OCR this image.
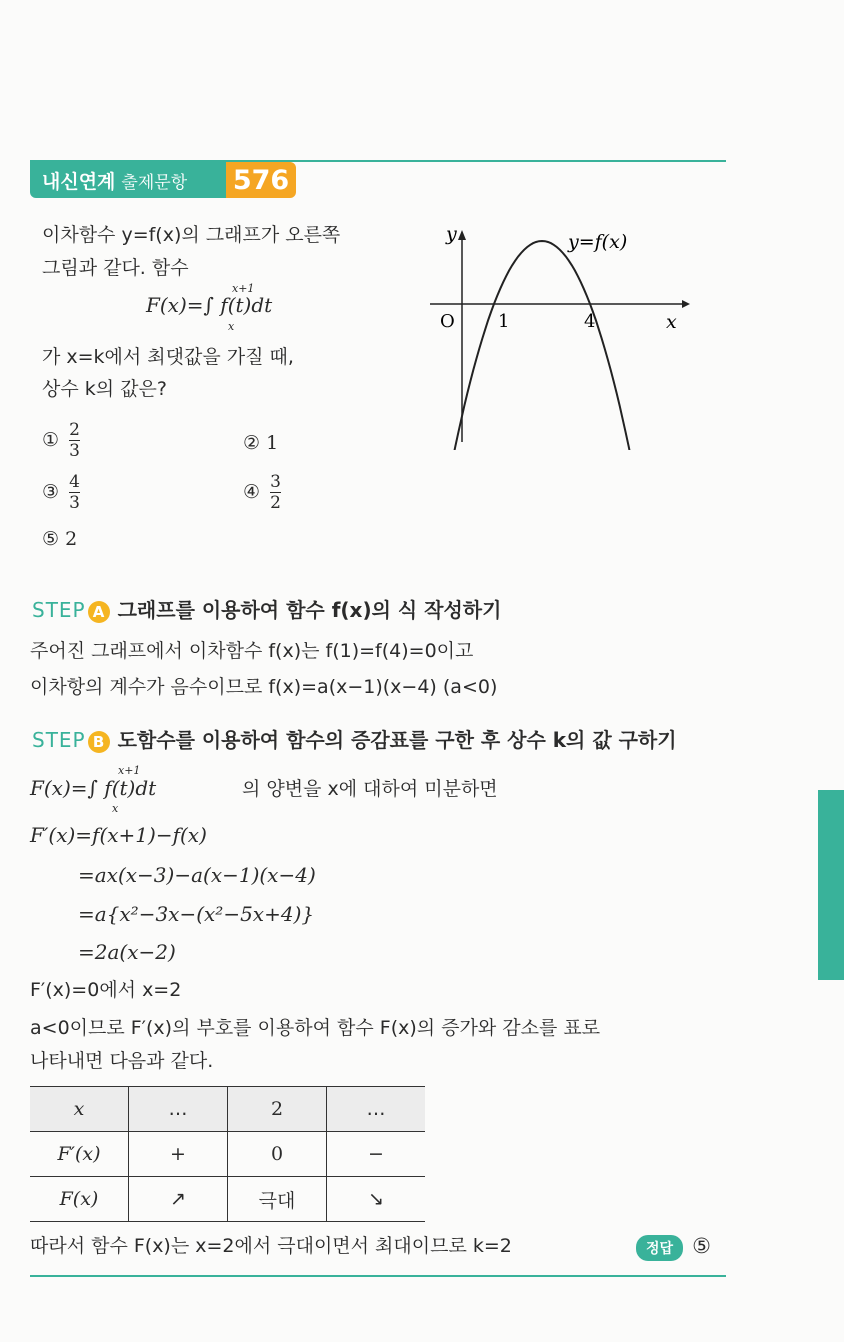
내신연계 출제문항 576
이차함수 y=f(x)의 그래프가 오른쪽
그림과 같다. 함수
F(x)=∫ f(t)dt
x+1
x
가 x=k에서 최댓값을 가질 때,
상수 k의 값은?
① $\frac{2}{3}$	② 1
③ $\frac{4}{3}$	④ $\frac{3}{2}$
⑤ 2
y
x
O 1	4
y=f(x)
STEP A 그래프를 이용하여 함수 f(x)의 식 작성하기
주어진 그래프에서 이차함수 f(x)는 f(1)=f(4)=0이고
이차항의 계수가 음수이므로 f(x)=a(x−1)(x−4) (a<0)
STEP B 도함수를 이용하여 함수의 증감표를 구한 후 상수 k의 값 구하기
F(x)=∫ f(t)dt
x+1
x
의 양변을 x에 대하여 미분하면
F′(x)=f(x+1)−f(x)
=ax(x−3)−a(x−1)(x−4)
=a{x²−3x−(x²−5x+4)}
=2a(x−2)
F′(x)=0에서 x=2
a<0이므로 F′(x)의 부호를 이용하여 함수 F(x)의 증가와 감소를 표로
나타내면 다음과 같다.
x	…	2	…
F′(x)	+	0	−
F(x)	↗	극대	↘
따라서 함수 F(x)는 x=2에서 극대이면서 최대이므로 k=2	정답 ⑤
